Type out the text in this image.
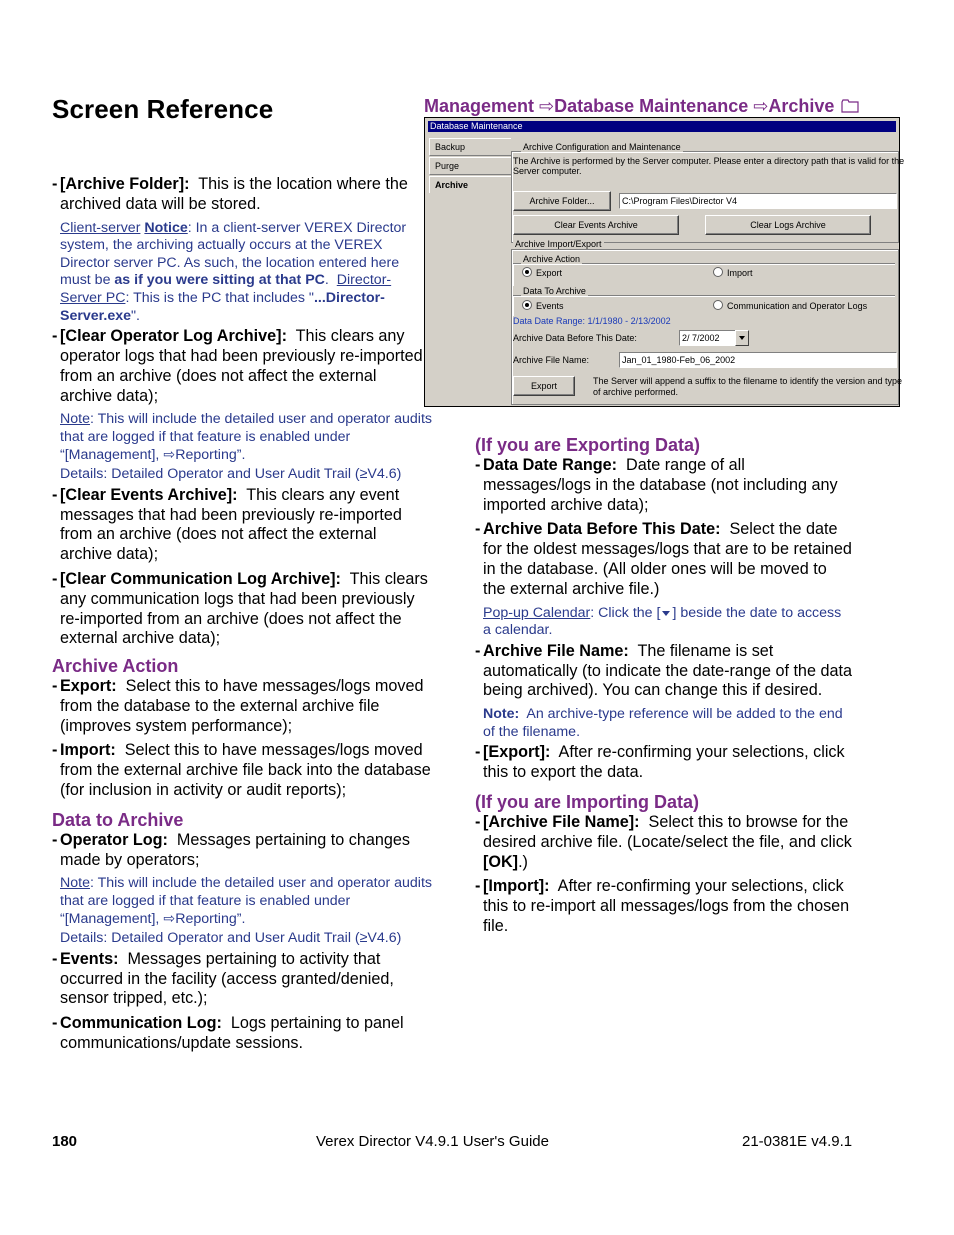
Screen Reference	Management ⇨Database Maintenance ⇨Archive
Database Maintenance
Backup
Purge
Archive
Archive Configuration and Maintenance
The Archive is performed by the Server computer. Please enter a directory path that is valid for the
Server computer.
Archive Folder...	C:\Program Files\Director V4
Clear Events Archive	Clear Logs Archive
Archive Import/Export
Archive Action
Export	Import
Data To Archive
Events	Communication and Operator Logs
Data Date Range: 1/1/1980 - 2/13/2002
Archive Data Before This Date:	2/ 7/2002
Archive File Name:	Jan_01_1980-Feb_06_2002
Export	The Server will append a suffix to the filename to identify the version and type
of archive performed.
- [Archive Folder]: This is the location where the archived data will be stored.
Client-server Notice: In a client-server VEREX Director system, the archiving actually occurs at the VEREX Director server PC. As such, the location entered here must be as if you were sitting at that PC.  Director-Server PC: This is the PC that includes "...Director-Server.exe".
- [Clear Operator Log Archive]: This clears any operator logs that had been previously re-imported from an archive (does not affect the external archive data);
Note: This will include the detailed user and operator audits that are logged if that feature is enabled under “[Management], ⇨Reporting”.
Details: Detailed Operator and User Audit Trail (≥V4.6)
- [Clear Events Archive]: This clears any event messages that had been previously re-imported from an archive (does not affect the external archive data);
- [Clear Communication Log Archive]: This clears any communication logs that had been previously re-imported from an archive (does not affect the external archive data);
Archive Action
- Export: Select this to have messages/logs moved from the database to the external archive file (improves system performance);
- Import: Select this to have messages/logs moved from the external archive file back into the database (for inclusion in activity or audit reports);
Data to Archive
- Operator Log: Messages pertaining to changes made by operators;
Note: This will include the detailed user and operator audits that are logged if that feature is enabled under “[Management], ⇨Reporting”.
Details: Detailed Operator and User Audit Trail (≥V4.6)
- Events: Messages pertaining to activity that occurred in the facility (access granted/denied, sensor tripped, etc.);
- Communication Log: Logs pertaining to panel communications/update sessions.
(If you are Exporting Data)
- Data Date Range: Date range of all messages/logs in the database (not including any imported archive data);
- Archive Data Before This Date: Select the date for the oldest messages/logs that are to be retained in the database. (All older ones will be moved to the external archive file.)
Pop-up Calendar: Click the [ ] beside the date to access a calendar.
- Archive File Name: The filename is set automatically (to indicate the date-range of the data being archived). You can change this if desired.
Note: An archive-type reference will be added to the end of the filename.
- [Export]: After re-confirming your selections, click this to export the data.
(If you are Importing Data)
- [Archive File Name]: Select this to browse for the desired archive file. (Locate/select the file, and click [OK].)
- [Import]: After re-confirming your selections, click this to re-import all messages/logs from the chosen file.
180	Verex Director V4.9.1 User's Guide	21-0381E v4.9.1
